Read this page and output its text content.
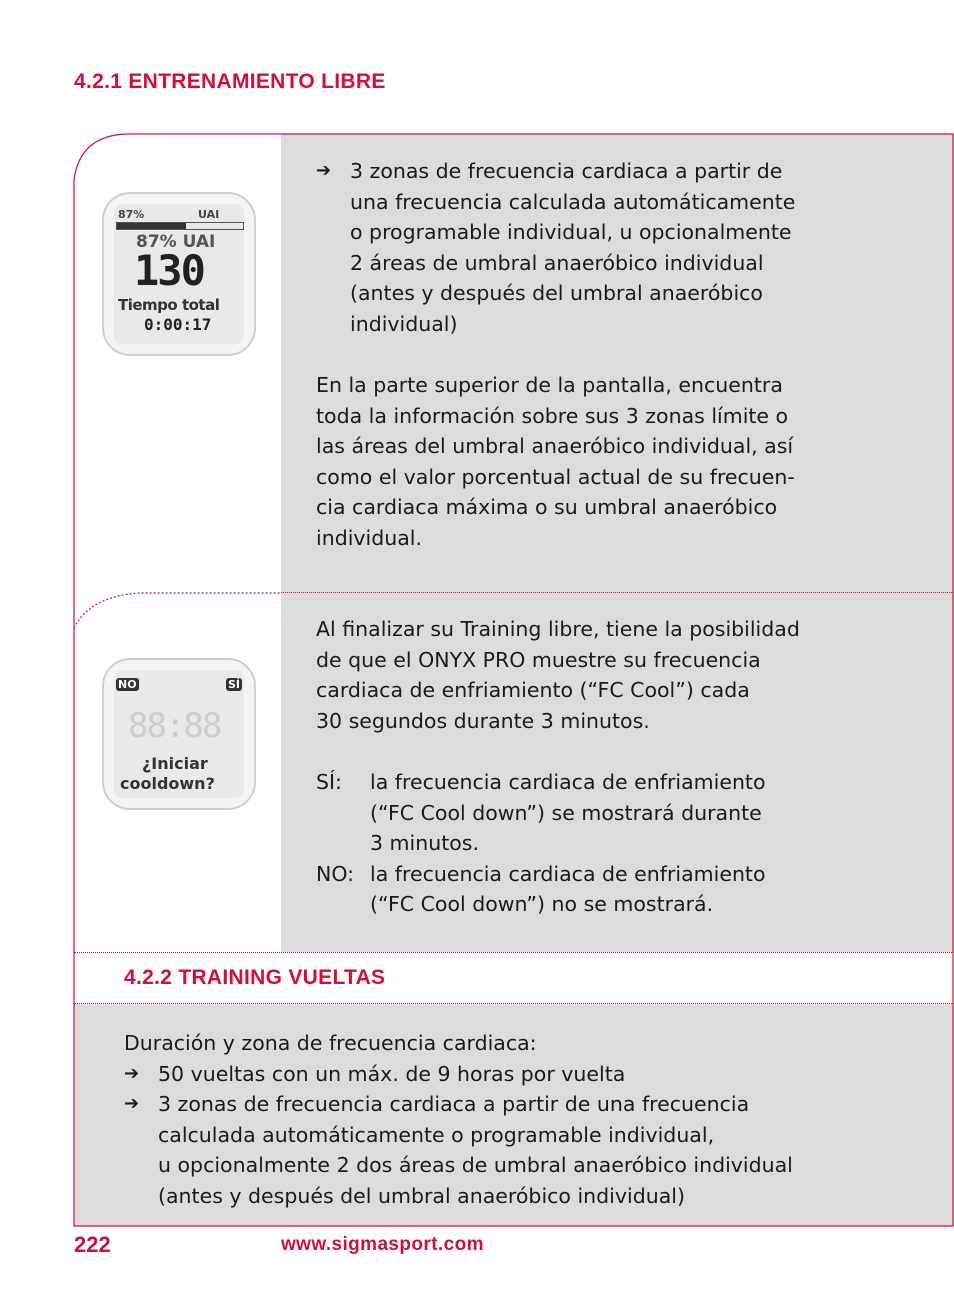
4.2.1 ENTRENAMIENTO LIBRE
87%	UAI
87% UAI
130
Tiempo total
0:00:17
NO	SÍ
88:88
¿Iniciar
cooldown?
➔ 3 zonas de frecuencia cardiaca a partir de
una frecuencia calculada automáticamente
o programable individual, u opcionalmente
2 áreas de umbral anaeróbico individual
(antes y después del umbral anaeróbico
individual)
En la parte superior de la pantalla, encuentra
toda la información sobre sus 3 zonas límite o
las áreas del umbral anaeróbico individual, así
como el valor porcentual actual de su frecuen-
cia cardiaca máxima o su umbral anaeróbico
individual.
Al finalizar su Training libre, tiene la posibilidad
de que el ONYX PRO muestre su frecuencia
cardiaca de enfriamiento (“FC Cool”) cada
30 segundos durante 3 minutos.
SÍ:	la frecuencia cardiaca de enfriamiento
(“FC Cool down”) se mostrará durante
3 minutos.
NO: la frecuencia cardiaca de enfriamiento
(“FC Cool down”) no se mostrará.
4.2.2 TRAINING VUELTAS
Duración y zona de frecuencia cardiaca:
➔ 50 vueltas con un máx. de 9 horas por vuelta
➔ 3 zonas de frecuencia cardiaca a partir de una frecuencia
calculada automáticamente o programable individual,
u opcionalmente 2 dos áreas de umbral anaeróbico individual
(antes y después del umbral anaeróbico individual)
222	www.sigmasport.com
